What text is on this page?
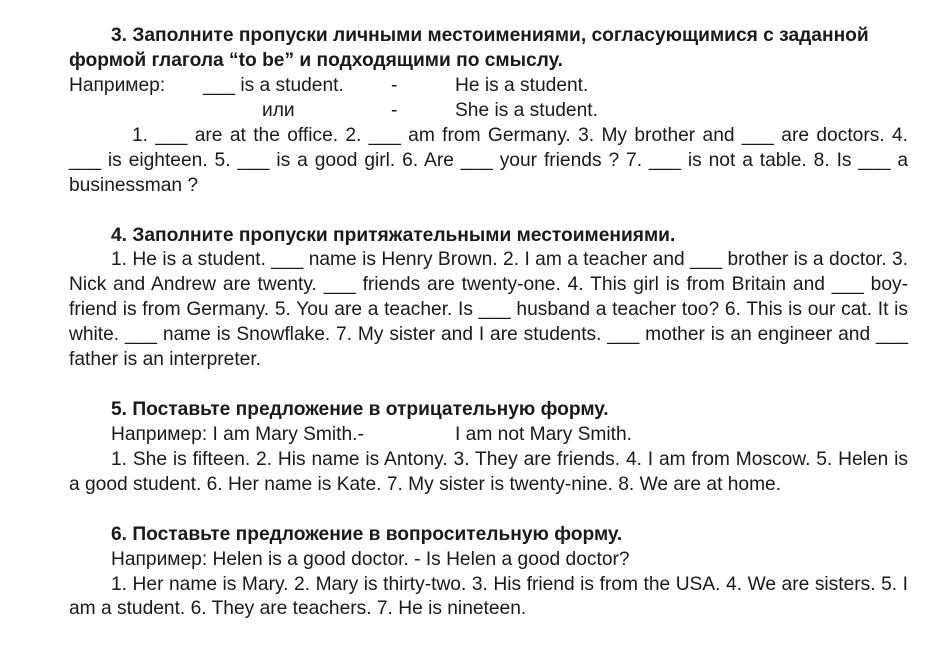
3. Заполните пропуски личными местоимениями, согласующимися с заданной формой глагола “to be” и подходящими по смыслу.

Например: ___ is a student. -	He is a student.
или	-	She is a student.

1. ___ are at the office. 2. ___ am from Germany. 3. My brother and ___ are doctors. 4. ___ is eighteen. 5. ___ is a good girl. 6. Are ___ your friends ? 7. ___ is not a table. 8. Is ___ a businessman ?

4. Заполните пропуски притяжательными местоимениями.

1. He is a student. ___ name is Henry Brown. 2. I am a teacher and ___ brother is a doctor. 3. Nick and Andrew are twenty. ___ friends are twenty-one. 4. This girl is from Britain and ___ boy-friend is from Germany. 5. You are a teacher. Is ___ husband a teacher too? 6. This is our cat. It is white. ___ name is Snowflake. 7. My sister and I are students. ___ mother is an engineer and ___ father is an interpreter.

5. Поставьте предложение в отрицательную форму.

Например: I am Mary Smith.-	I am not Mary Smith.

1. She is fifteen. 2. His name is Antony. 3. They are friends. 4. I am from Moscow. 5. Helen is a good student. 6. Her name is Kate. 7. My sister is twenty-nine. 8. We are at home.

6. Поставьте предложение в вопросительную форму.

Например: Helen is a good doctor. - Is Helen a good doctor?

1. Her name is Mary. 2. Mary is thirty-two. 3. His friend is from the USA. 4. We are sisters. 5. I am a student. 6. They are teachers. 7. He is nineteen.
